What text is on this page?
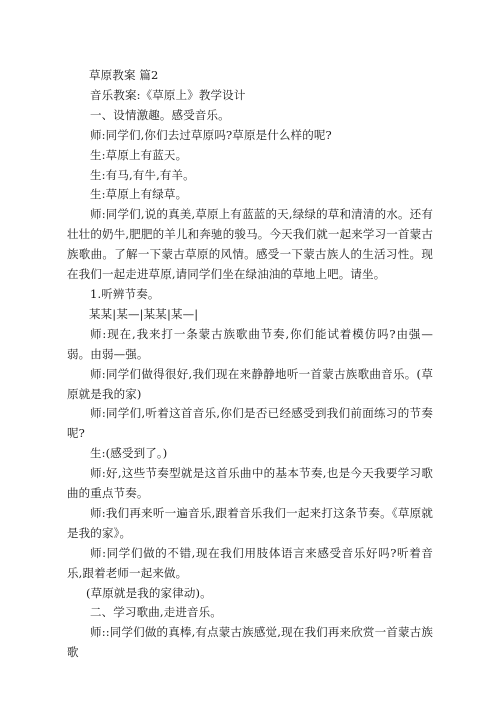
草原教案 篇2

音乐教案:《草原上》教学设计

一、设情激趣。感受音乐。

师:同学们,你们去过草原吗?草原是什么样的呢?

生:草原上有蓝天。

生:有马,有牛,有羊。

生:草原上有绿草。

师:同学们,说的真美,草原上有蓝蓝的天,绿绿的草和清清的水。还有壮壮的奶牛,肥肥的羊儿和奔驰的骏马。今天我们就一起来学习一首蒙古族歌曲。了解一下蒙古草原的风情。感受一下蒙古族人的生活习性。现在我们一起走进草原,请同学们坐在绿油油的草地上吧。请坐。

1.听辨节奏。

某某|某—|某某|某—|

师:现在,我来打一条蒙古族歌曲节奏,你们能试着模仿吗?由强—弱。由弱—强。

师:同学们做得很好,我们现在来静静地听一首蒙古族歌曲音乐。(草原就是我的家)

师:同学们,听着这首音乐,你们是否已经感受到我们前面练习的节奏呢?

生:(感受到了。)

师:好,这些节奏型就是这首乐曲中的基本节奏,也是今天我要学习歌曲的重点节奏。

师:我们再来听一遍音乐,跟着音乐我们一起来打这条节奏。《草原就是我的家》。

师:同学们做的不错,现在我们用肢体语言来感受音乐好吗?听着音乐,跟着老师一起来做。

(草原就是我的家律动)。

二、学习歌曲,走进音乐。

师::同学们做的真棒,有点蒙古族感觉,现在我们再来欣赏一首蒙古族歌
